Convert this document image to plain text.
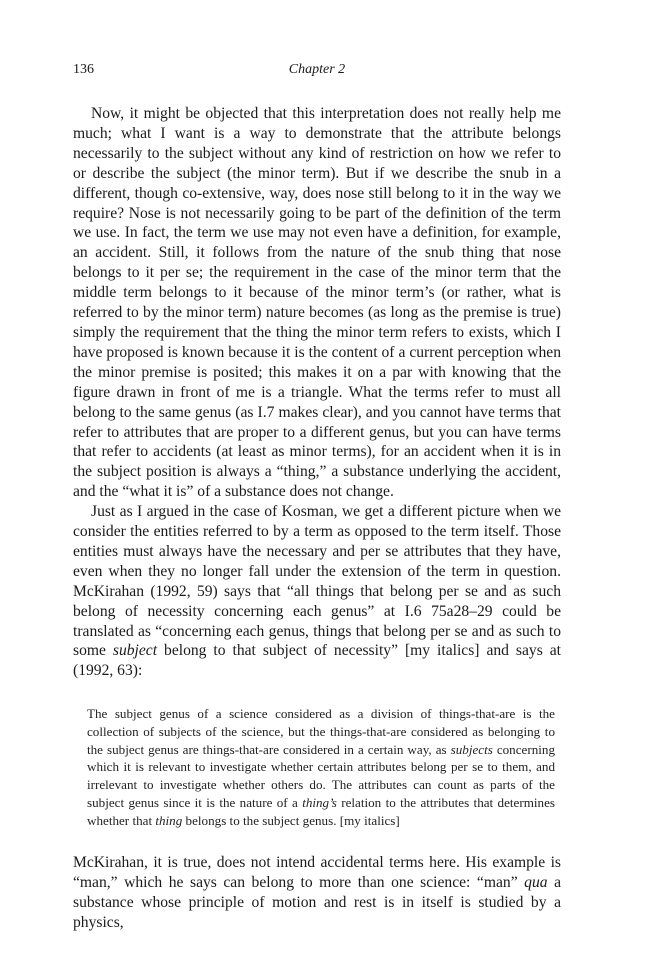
136	Chapter 2

Now, it might be objected that this interpretation does not really help me much; what I want is a way to demonstrate that the attribute belongs necessarily to the subject without any kind of restriction on how we refer to or describe the subject (the minor term). But if we describe the snub in a different, though co-extensive, way, does nose still belong to it in the way we require? Nose is not necessarily going to be part of the definition of the term we use. In fact, the term we use may not even have a definition, for example, an accident. Still, it follows from the nature of the snub thing that nose belongs to it per se; the requirement in the case of the minor term that the middle term belongs to it because of the minor term’s (or rather, what is referred to by the minor term) nature becomes (as long as the premise is true) simply the requirement that the thing the minor term refers to exists, which I have proposed is known because it is the content of a current perception when the minor premise is posited; this makes it on a par with knowing that the figure drawn in front of me is a triangle. What the terms refer to must all belong to the same genus (as I.7 makes clear), and you cannot have terms that refer to attributes that are proper to a different genus, but you can have terms that refer to accidents (at least as minor terms), for an accident when it is in the subject position is always a “thing,” a substance underlying the accident, and the “what it is” of a substance does not change.

Just as I argued in the case of Kosman, we get a different picture when we consider the entities referred to by a term as opposed to the term itself. Those entities must always have the necessary and per se attributes that they have, even when they no longer fall under the extension of the term in question. McKirahan (1992, 59) says that “all things that belong per se and as such belong of necessity concerning each genus” at I.6 75a28–29 could be translated as “concerning each genus, things that belong per se and as such to some subject belong to that subject of necessity” [my italics] and says at (1992, 63):

The subject genus of a science considered as a division of things-that-are is the collection of subjects of the science, but the things-that-are considered as belonging to the subject genus are things-that-are considered in a certain way, as subjects concerning which it is relevant to investigate whether certain attributes belong per se to them, and irrelevant to investigate whether others do. The attributes can count as parts of the subject genus since it is the nature of a thing’s relation to the attributes that determines whether that thing belongs to the subject genus. [my italics]

McKirahan, it is true, does not intend accidental terms here. His example is “man,” which he says can belong to more than one science: “man” qua a substance whose principle of motion and rest is in itself is studied by a physics,
